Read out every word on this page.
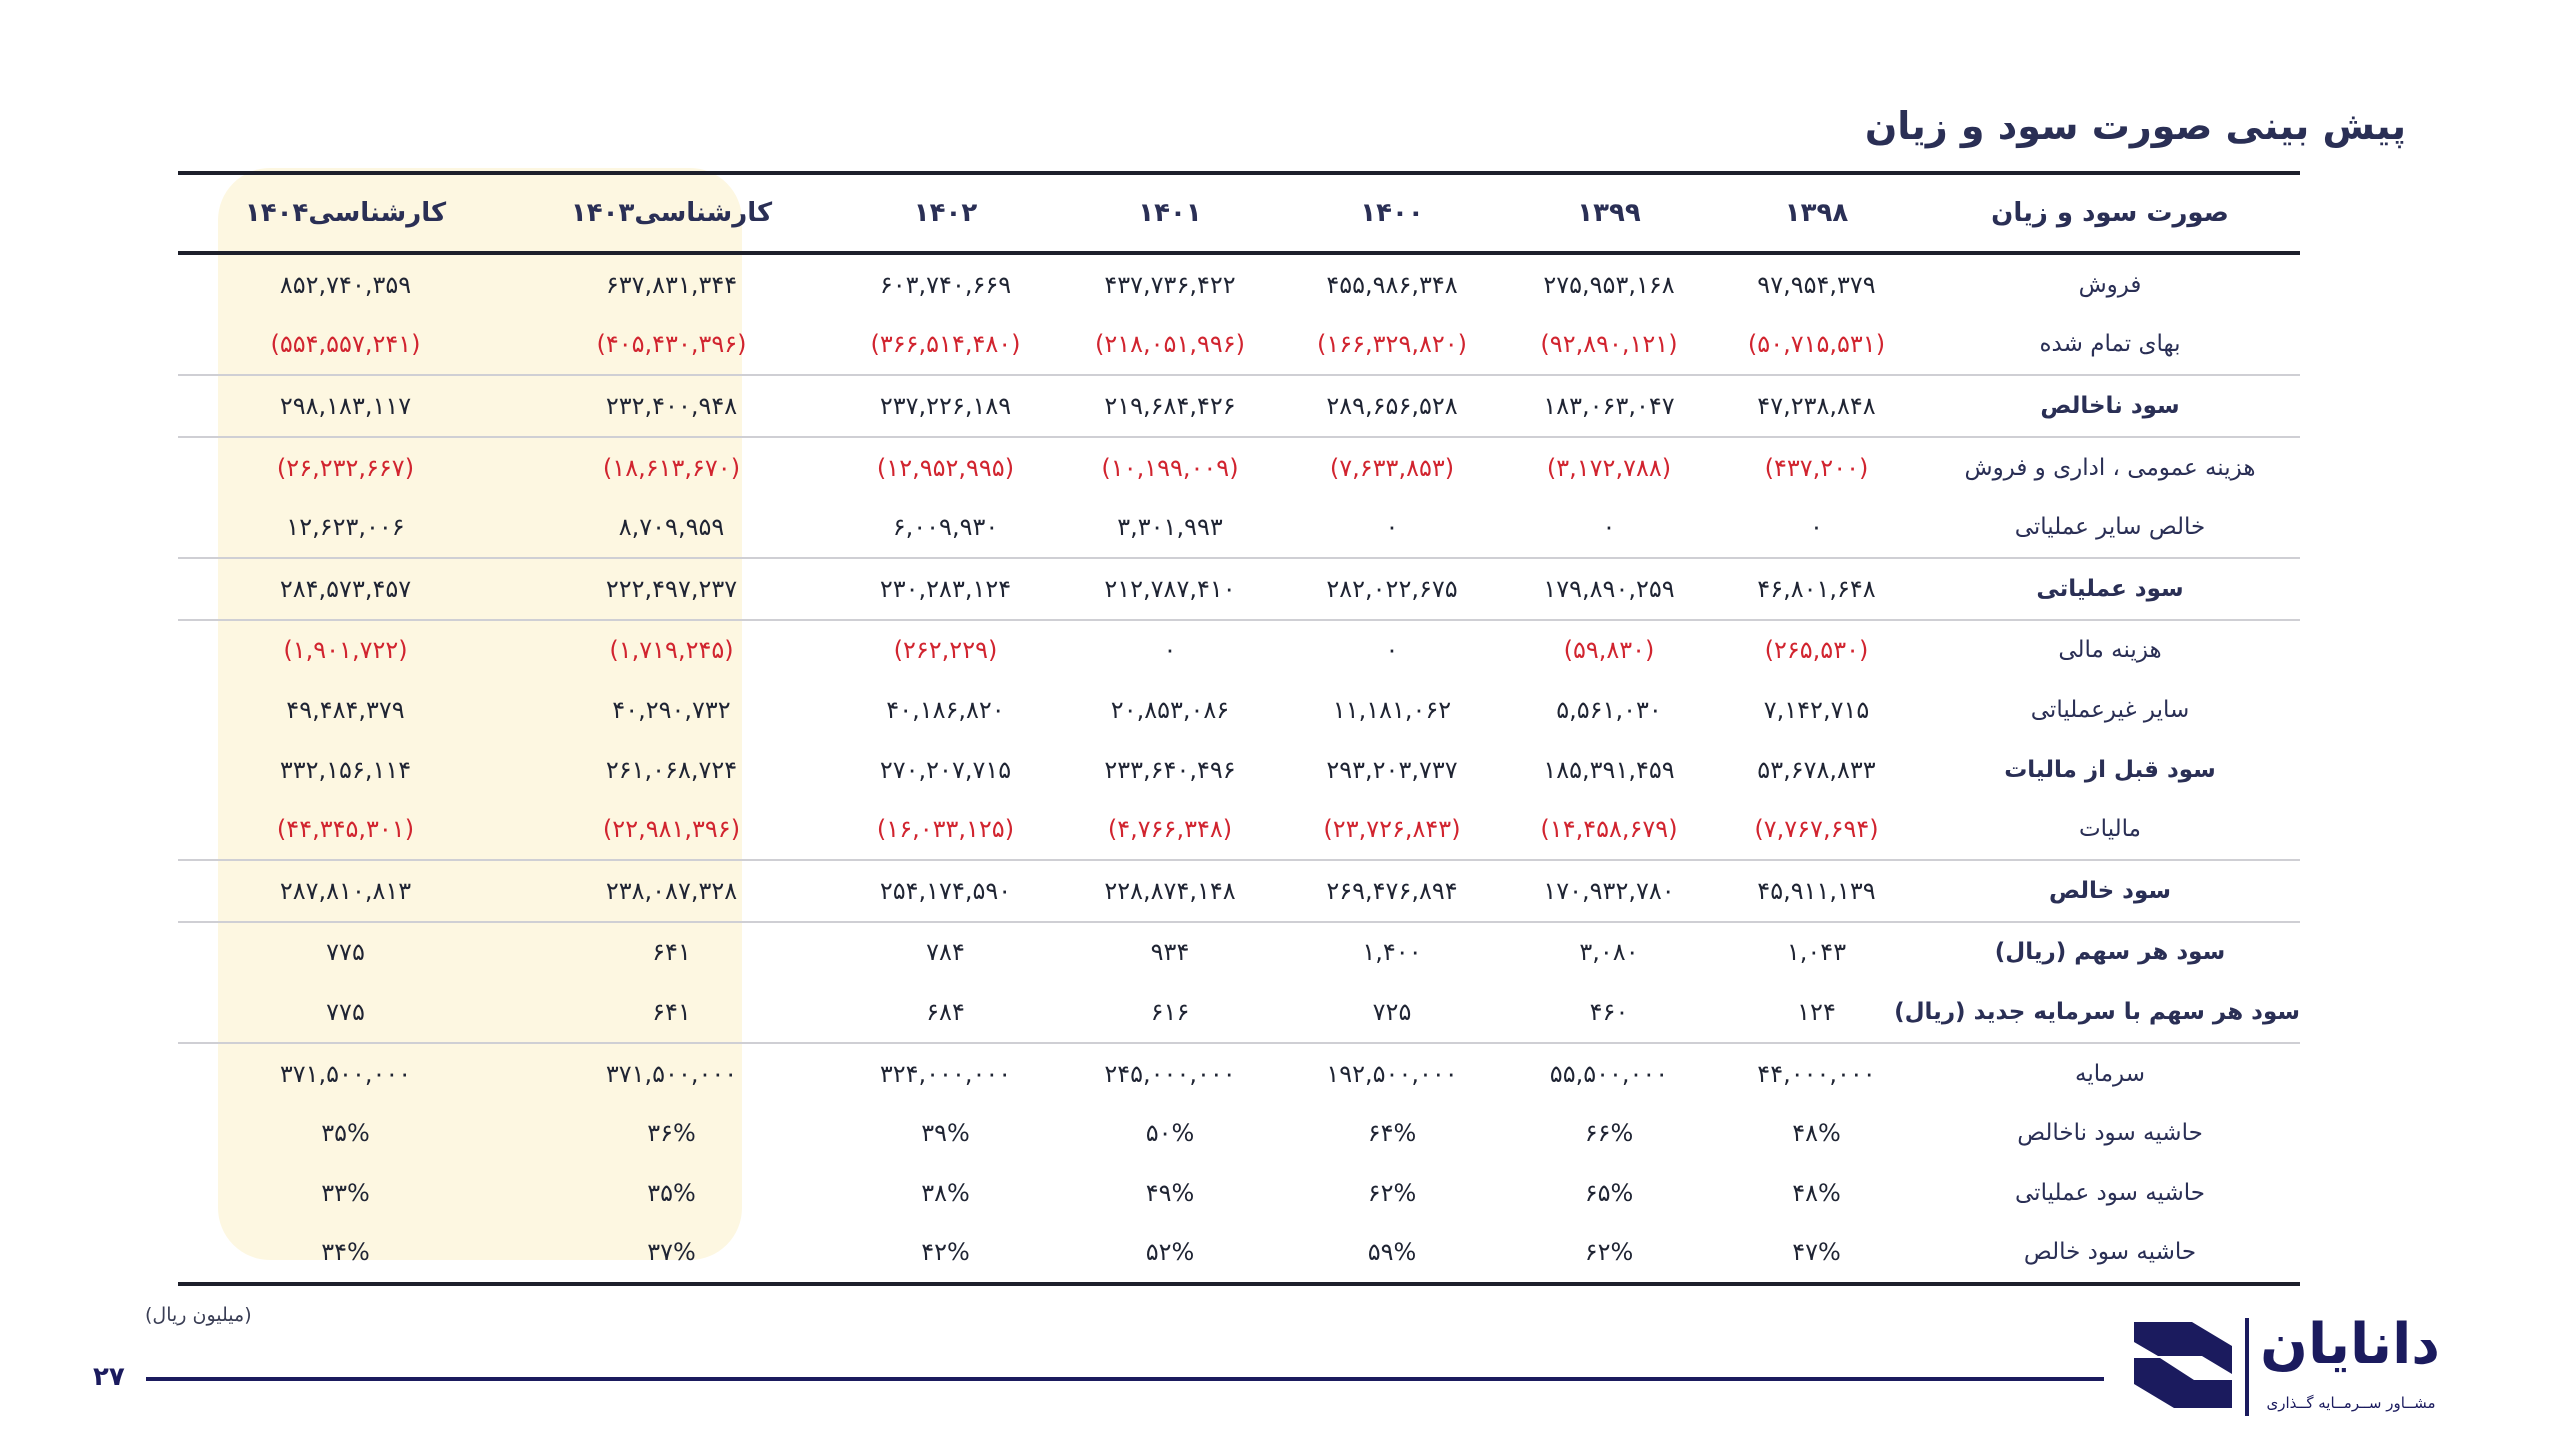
پیش بینی صورت سود و زیان
صورت سود و زیان	۱۳۹۸	۱۳۹۹	۱۴۰۰	۱۴۰۱	۱۴۰۲	کارشناسی۱۴۰۳	کارشناسی۱۴۰۴
فروش	۹۷,۹۵۴,۳۷۹	۲۷۵,۹۵۳,۱۶۸	۴۵۵,۹۸۶,۳۴۸	۴۳۷,۷۳۶,۴۲۲	۶۰۳,۷۴۰,۶۶۹	۶۳۷,۸۳۱,۳۴۴	۸۵۲,۷۴۰,۳۵۹
بهای تمام شده	(۵۰,۷۱۵,۵۳۱)	(۹۲,۸۹۰,۱۲۱)	(۱۶۶,۳۲۹,۸۲۰)	(۲۱۸,۰۵۱,۹۹۶)	(۳۶۶,۵۱۴,۴۸۰)	(۴۰۵,۴۳۰,۳۹۶)	(۵۵۴,۵۵۷,۲۴۱)
سود ناخالص	۴۷,۲۳۸,۸۴۸	۱۸۳,۰۶۳,۰۴۷	۲۸۹,۶۵۶,۵۲۸	۲۱۹,۶۸۴,۴۲۶	۲۳۷,۲۲۶,۱۸۹	۲۳۲,۴۰۰,۹۴۸	۲۹۸,۱۸۳,۱۱۷
هزینه عمومی ، اداری و فروش	(۴۳۷,۲۰۰)	(۳,۱۷۲,۷۸۸)	(۷,۶۳۳,۸۵۳)	(۱۰,۱۹۹,۰۰۹)	(۱۲,۹۵۲,۹۹۵)	(۱۸,۶۱۳,۶۷۰)	(۲۶,۲۳۲,۶۶۷)
خالص سایر عملیاتی	۰	۰	۰	۳,۳۰۱,۹۹۳	۶,۰۰۹,۹۳۰	۸,۷۰۹,۹۵۹	۱۲,۶۲۳,۰۰۶
سود عملیاتی	۴۶,۸۰۱,۶۴۸	۱۷۹,۸۹۰,۲۵۹	۲۸۲,۰۲۲,۶۷۵	۲۱۲,۷۸۷,۴۱۰	۲۳۰,۲۸۳,۱۲۴	۲۲۲,۴۹۷,۲۳۷	۲۸۴,۵۷۳,۴۵۷
هزینه مالی	(۲۶۵,۵۳۰)	(۵۹,۸۳۰)	۰	۰	(۲۶۲,۲۲۹)	(۱,۷۱۹,۲۴۵)	(۱,۹۰۱,۷۲۲)
سایر غیرعملیاتی	۷,۱۴۲,۷۱۵	۵,۵۶۱,۰۳۰	۱۱,۱۸۱,۰۶۲	۲۰,۸۵۳,۰۸۶	۴۰,۱۸۶,۸۲۰	۴۰,۲۹۰,۷۳۲	۴۹,۴۸۴,۳۷۹
سود قبل از مالیات	۵۳,۶۷۸,۸۳۳	۱۸۵,۳۹۱,۴۵۹	۲۹۳,۲۰۳,۷۳۷	۲۳۳,۶۴۰,۴۹۶	۲۷۰,۲۰۷,۷۱۵	۲۶۱,۰۶۸,۷۲۴	۳۳۲,۱۵۶,۱۱۴
مالیات	(۷,۷۶۷,۶۹۴)	(۱۴,۴۵۸,۶۷۹)	(۲۳,۷۲۶,۸۴۳)	(۴,۷۶۶,۳۴۸)	(۱۶,۰۳۳,۱۲۵)	(۲۲,۹۸۱,۳۹۶)	(۴۴,۳۴۵,۳۰۱)
سود خالص	۴۵,۹۱۱,۱۳۹	۱۷۰,۹۳۲,۷۸۰	۲۶۹,۴۷۶,۸۹۴	۲۲۸,۸۷۴,۱۴۸	۲۵۴,۱۷۴,۵۹۰	۲۳۸,۰۸۷,۳۲۸	۲۸۷,۸۱۰,۸۱۳
سود هر سهم (ریال)	۱,۰۴۳	۳,۰۸۰	۱,۴۰۰	۹۳۴	۷۸۴	۶۴۱	۷۷۵
سود هر سهم با سرمایه جدید (ریال)	۱۲۴	۴۶۰	۷۲۵	۶۱۶	۶۸۴	۶۴۱	۷۷۵
سرمایه	۴۴,۰۰۰,۰۰۰	۵۵,۵۰۰,۰۰۰	۱۹۲,۵۰۰,۰۰۰	۲۴۵,۰۰۰,۰۰۰	۳۲۴,۰۰۰,۰۰۰	۳۷۱,۵۰۰,۰۰۰	۳۷۱,۵۰۰,۰۰۰
حاشیه سود ناخالص	۴۸%	۶۶%	۶۴%	۵۰%	۳۹%	۳۶%	۳۵%
حاشیه سود عملیاتی	۴۸%	۶۵%	۶۲%	۴۹%	۳۸%	۳۵%	۳۳%
حاشیه سود خالص	۴۷%	۶۲%	۵۹%	۵۲%	۴۲%	۳۷%	۳۴%
(میلیون ریال)
۲۷	دانایان
مشــاور ســرمــایه گــذاری
